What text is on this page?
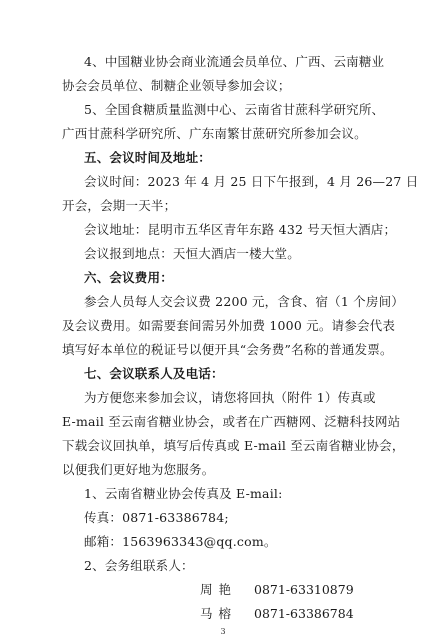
4、中国糖业协会商业流通会员单位、广西、云南糖业
协会会员单位、制糖企业领导参加会议；
5、全国食糖质量监测中心、云南省甘蔗科学研究所、
广西甘蔗科学研究所、广东南繁甘蔗研究所参加会议。
五、会议时间及地址：
会议时间：2023 年 4 月 25 日下午报到，4 月 26—27 日
开会，会期一天半；
会议地址：昆明市五华区青年东路 432 号天恒大酒店；
会议报到地点：天恒大酒店一楼大堂。
六、会议费用：
参会人员每人交会议费 2200 元，含食、宿（1 个房间）
及会议费用。如需要套间需另外加费 1000 元。请参会代表
填写好本单位的税证号以便开具“会务费”名称的普通发票。
七、会议联系人及电话：
为方便您来参加会议，请您将回执（附件 1）传真或
E-mail 至云南省糖业协会，或者在广西糖网、泛糖科技网站
下载会议回执单，填写后传真或 E-mail 至云南省糖业协会，
以便我们更好地为您服务。
1、云南省糖业协会传真及 E-mail:
传真：0871-63386784;
邮箱：1563963343@qq.com。
2、会务组联系人：
周艳 0871-63310879
马榕 0871-63386784
3
